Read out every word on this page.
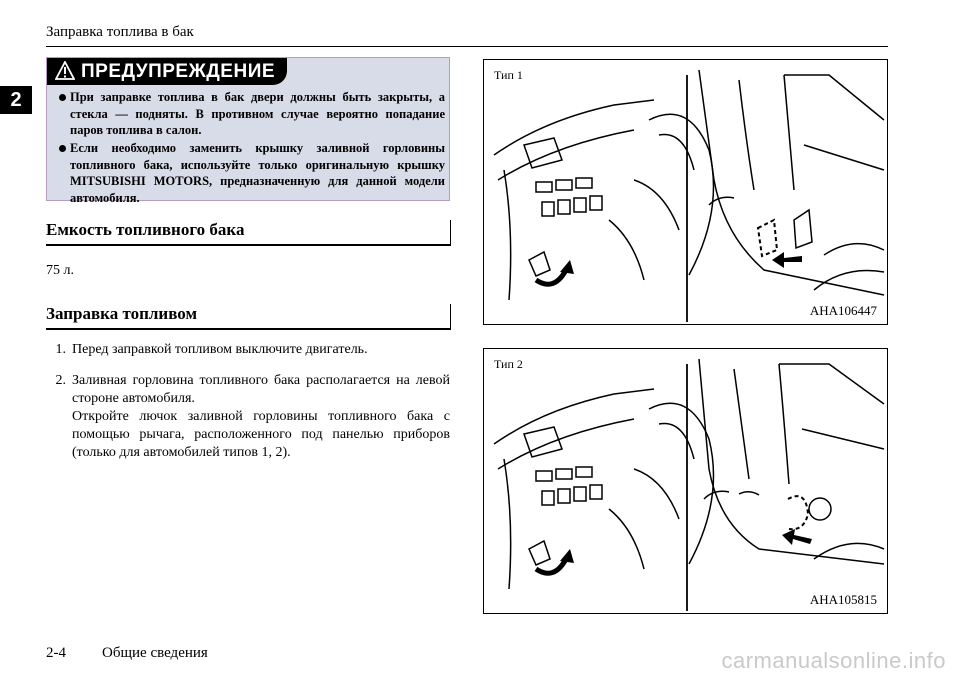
Заправка топлива в бак
2
ПРЕДУПРЕЖДЕНИЕ
При заправке топлива в бак двери должны быть закрыты, а стекла — подняты. В противном случае вероятно попадание паров топлива в салон.
Если необходимо заменить крышку заливной горловины топливного бака, используйте только оригинальную крышку MITSUBISHI MOTORS, предназначенную для данной модели автомобиля.
Емкость топливного бака
75 л.
Заправка топливом
1. Перед заправкой топливом выключите двигатель.
2. Заливная горловина топливного бака располагается на левой стороне автомобиля.
Откройте лючок заливной горловины топливного бака с помощью рычага, расположенного под панелью приборов (только для автомобилей типов 1, 2).
Тип 1
AHA106447
Тип 2
AHA105815
2-4 Общие сведения	carmanualsonline.info
